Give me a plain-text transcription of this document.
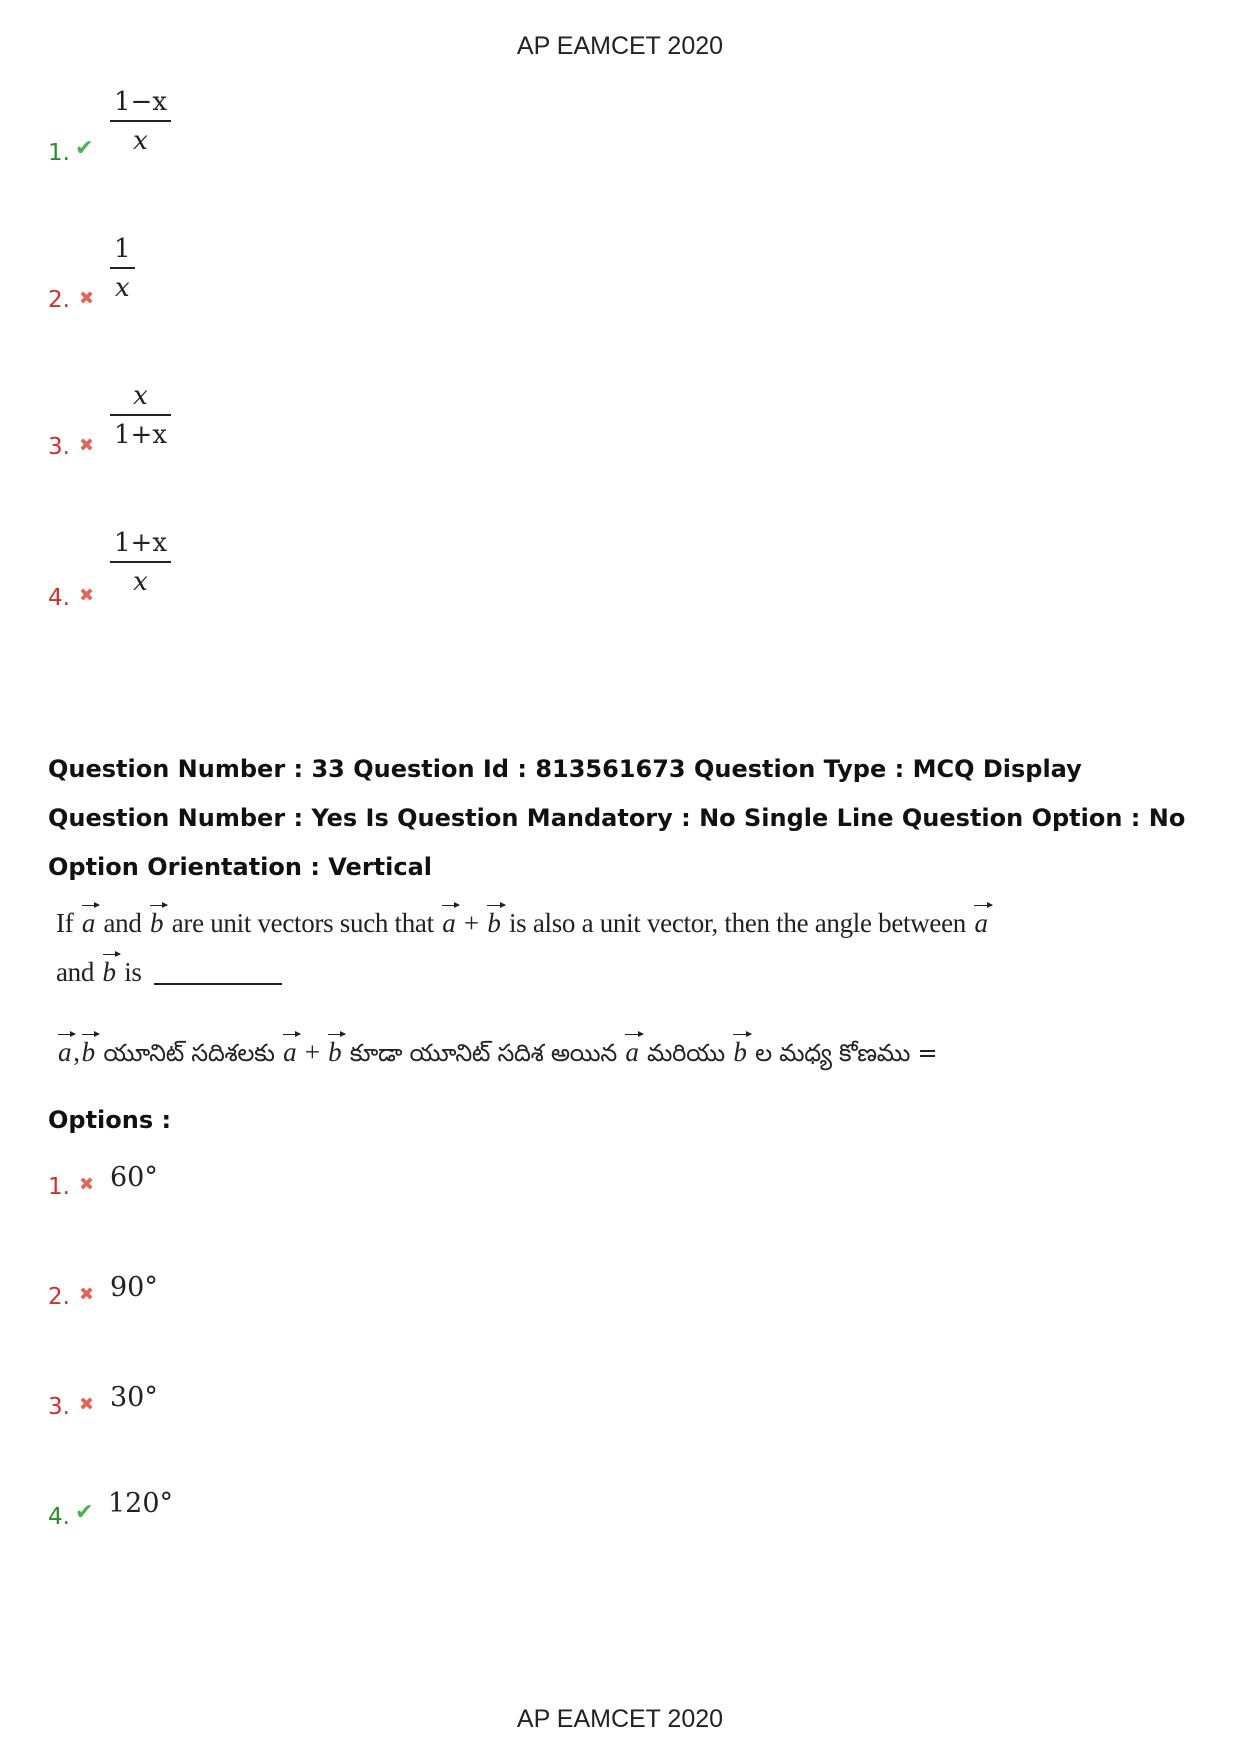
AP EAMCET 2020
1. ✔
1−x
x
2. ✖
1
x
3. ✖
x
1+x
4. ✖
1+x
x
Question Number : 33 Question Id : 813561673 Question Type : MCQ Display Question Number : Yes Is Question Mandatory : No Single Line Question Option : No Option Orientation : Vertical
If a and b are unit vectors such that a + b is also a unit vector, then the angle between a
and b is
a,b యూనిట్ సదిశలకు a + b కూడా యూనిట్ సదిశ అయిన a మరియు b ల మధ్య కోణము =
Options :
1. ✖ 60°
2. ✖ 90°
3. ✖ 30°
4. ✔ 120°
AP EAMCET 2020
